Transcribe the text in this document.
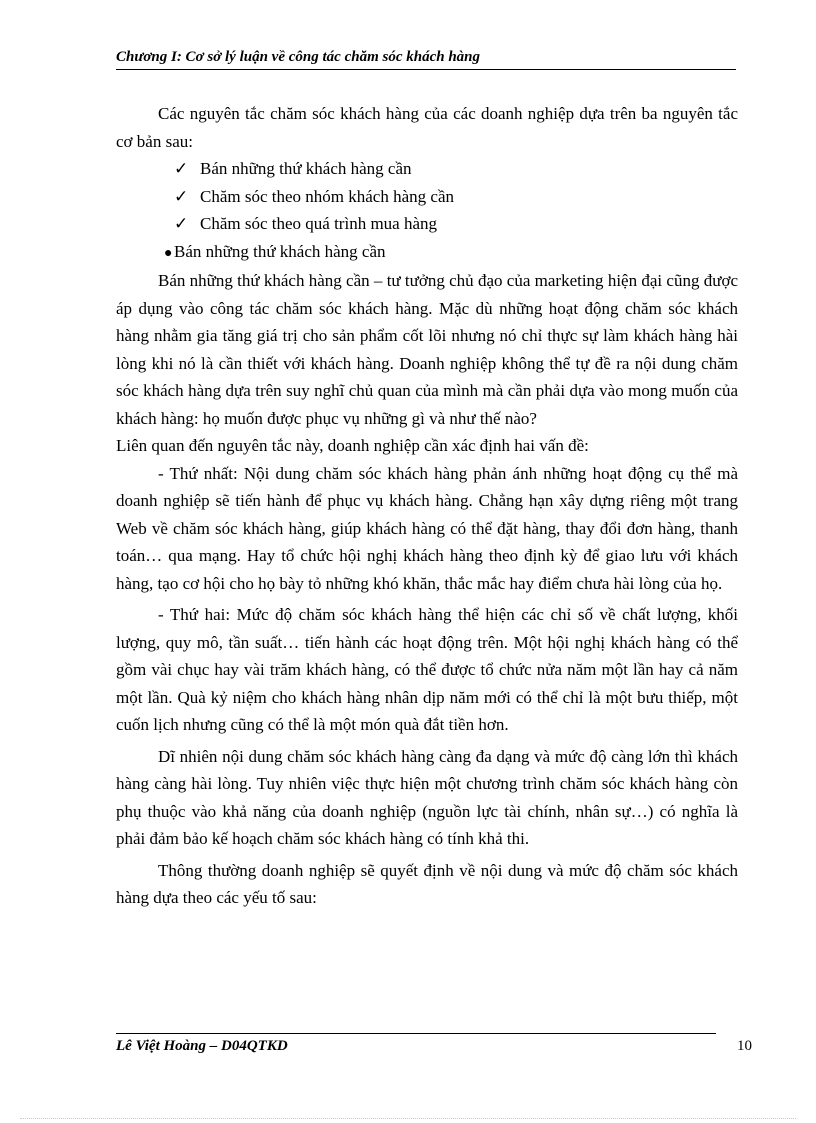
Chương I: Cơ sở lý luận về công tác chăm sóc khách hàng

Các nguyên tắc chăm sóc khách hàng của các doanh nghiệp dựa trên ba nguyên tắc cơ bản sau:

✓ Bán những thứ khách hàng cần

✓ Chăm sóc theo nhóm khách hàng cần

✓ Chăm sóc theo quá trình mua hàng

●Bán những thứ khách hàng cần

Bán những thứ khách hàng cần – tư tưởng chủ đạo của marketing hiện đại cũng được áp dụng vào công tác chăm sóc khách hàng. Mặc dù những hoạt động chăm sóc khách hàng nhằm gia tăng giá trị cho sản phẩm cốt lõi nhưng nó chỉ thực sự làm khách hàng hài lòng khi nó là cần thiết với khách hàng. Doanh nghiệp không thể tự đề ra nội dung chăm sóc khách hàng dựa trên suy nghĩ chủ quan của mình mà cần phải dựa vào mong muốn của khách hàng: họ muốn được phục vụ những gì và như thế nào?

Liên quan đến nguyên tắc này, doanh nghiệp cần xác định hai vấn đề:

- Thứ nhất: Nội dung chăm sóc khách hàng phản ánh những hoạt động cụ thể mà doanh nghiệp sẽ tiến hành để phục vụ khách hàng. Chẳng hạn xây dựng riêng một trang Web về chăm sóc khách hàng, giúp khách hàng có thể đặt hàng, thay đổi đơn hàng, thanh toán… qua mạng. Hay tổ chức hội nghị khách hàng theo định kỳ để giao lưu với khách hàng, tạo cơ hội cho họ bày tỏ những khó khăn, thắc mắc hay điểm chưa hài lòng của họ.

- Thứ hai: Mức độ chăm sóc khách hàng thể hiện các chỉ số về chất lượng, khối lượng, quy mô, tần suất… tiến hành các hoạt động trên. Một hội nghị khách hàng có thể gồm vài chục hay vài trăm khách hàng, có thể được tổ chức nửa năm một lần hay cả năm một lần. Quà kỷ niệm cho khách hàng nhân dịp năm mới có thể chỉ là một bưu thiếp, một cuốn lịch nhưng cũng có thể là một món quà đắt tiền hơn.

Dĩ nhiên nội dung chăm sóc khách hàng càng đa dạng và mức độ càng lớn thì khách hàng càng hài lòng. Tuy nhiên việc thực hiện một chương trình chăm sóc khách hàng còn phụ thuộc vào khả năng của doanh nghiệp (nguồn lực tài chính, nhân sự…) có nghĩa là phải đảm bảo kế hoạch chăm sóc khách hàng có tính khả thi.

Thông thường doanh nghiệp sẽ quyết định về nội dung và mức độ chăm sóc khách hàng dựa theo các yếu tố sau:

Lê Việt Hoàng – D04QTKD	10
